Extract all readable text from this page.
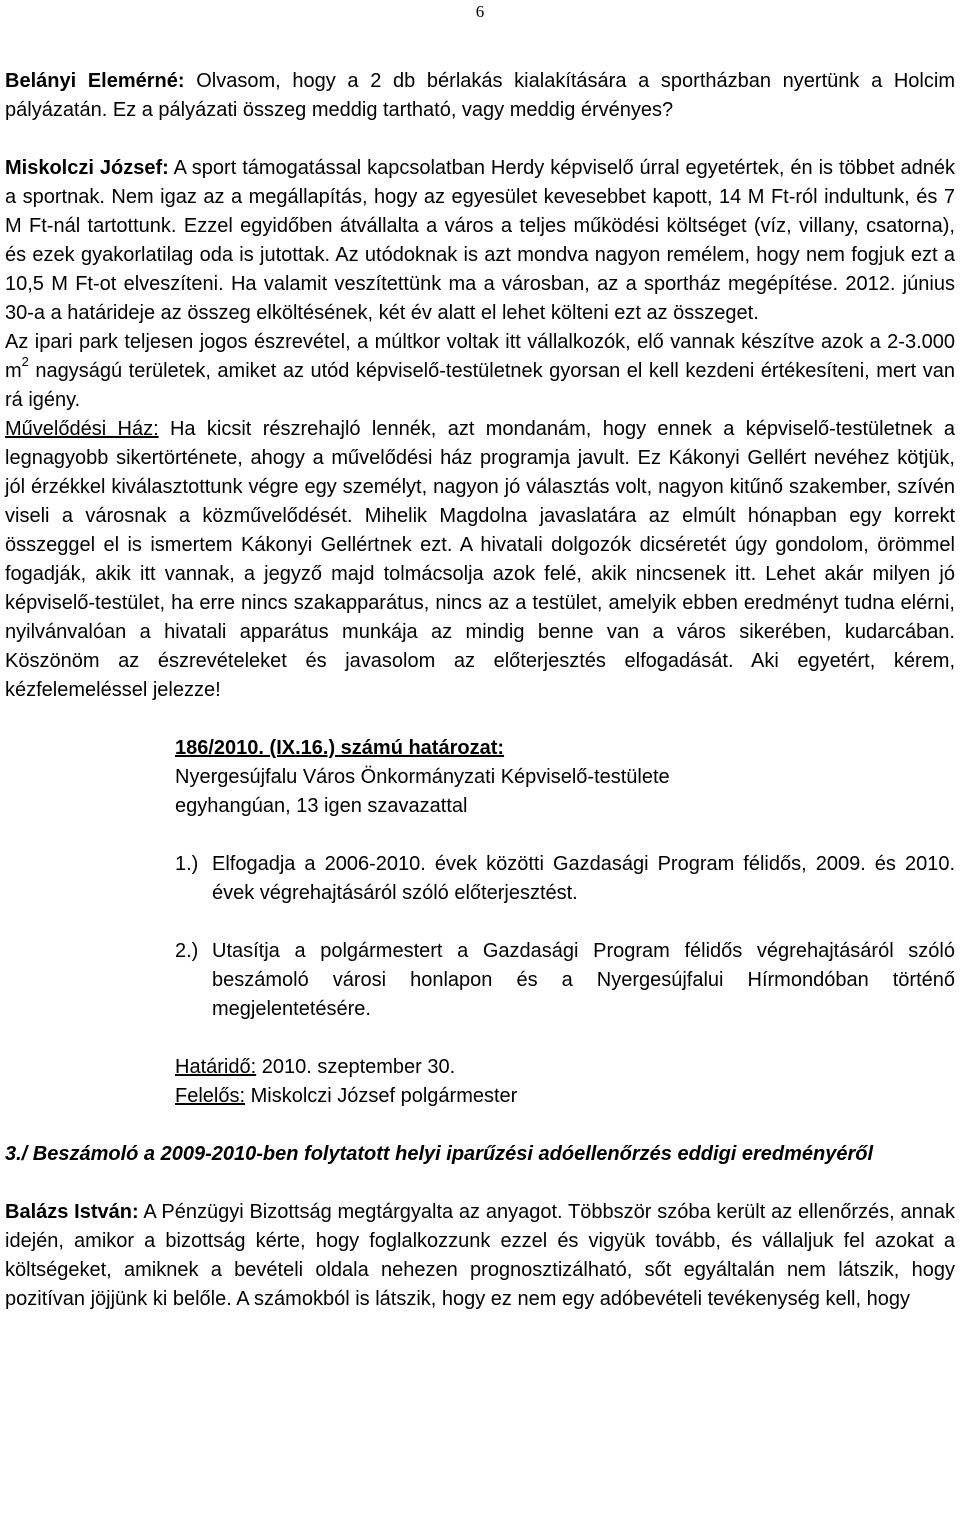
6

Belányi Elemérné: Olvasom, hogy a 2 db bérlakás kialakítására a sportházban nyertünk a Holcim pályázatán. Ez a pályázati összeg meddig tartható, vagy meddig érvényes?

Miskolczi József: A sport támogatással kapcsolatban Herdy képviselő úrral egyetértek, én is többet adnék a sportnak. Nem igaz az a megállapítás, hogy az egyesület kevesebbet kapott, 14 M Ft-ról indultunk, és 7 M Ft-nál tartottunk. Ezzel egyidőben átvállalta a város a teljes működési költséget (víz, villany, csatorna), és ezek gyakorlatilag oda is jutottak. Az utódoknak is azt mondva nagyon remélem, hogy nem fogjuk ezt a 10,5 M Ft-ot elveszíteni. Ha valamit veszítettünk ma a városban, az a sportház megépítése. 2012. június 30-a a határideje az összeg elköltésének, két év alatt el lehet költeni ezt az összeget.

Az ipari park teljesen jogos észrevétel, a múltkor voltak itt vállalkozók, elő vannak készítve azok a 2-3.000 $m^2$ nagyságú területek, amiket az utód képviselő-testületnek gyorsan el kell kezdeni értékesíteni, mert van rá igény.

Művelődési Ház: Ha kicsit részrehajló lennék, azt mondanám, hogy ennek a képviselő-testületnek a legnagyobb sikertörténete, ahogy a művelődési ház programja javult. Ez Kákonyi Gellért nevéhez kötjük, jól érzékkel kiválasztottunk végre egy személyt, nagyon jó választás volt, nagyon kitűnő szakember, szívén viseli a városnak a közművelődését. Mihelik Magdolna javaslatára az elmúlt hónapban egy korrekt összeggel el is ismertem Kákonyi Gellértnek ezt. A hivatali dolgozók dicséretét úgy gondolom, örömmel fogadják, akik itt vannak, a jegyző majd tolmácsolja azok felé, akik nincsenek itt. Lehet akár milyen jó képviselő-testület, ha erre nincs szakapparátus, nincs az a testület, amelyik ebben eredményt tudna elérni, nyilvánvalóan a hivatali apparátus munkája az mindig benne van a város sikerében, kudarcában. Köszönöm az észrevételeket és javasolom az előterjesztés elfogadását. Aki egyetért, kérem, kézfelemeléssel jelezze!

186/2010. (IX.16.) számú határozat:

Nyergesújfalu Város Önkormányzati Képviselő-testülete

egyhangúan, 13 igen szavazattal

1.) Elfogadja a 2006-2010. évek közötti Gazdasági Program félidős, 2009. és 2010. évek végrehajtásáról szóló előterjesztést.
2.) Utasítja a polgármestert a Gazdasági Program félidős végrehajtásáról szóló beszámoló városi honlapon és a Nyergesújfalui Hírmondóban történő megjelentetésére.

Határidő: 2010. szeptember 30.

Felelős: Miskolczi József polgármester

3./ Beszámoló a 2009-2010-ben folytatott helyi iparűzési adóellenőrzés eddigi eredményéről

Balázs István: A Pénzügyi Bizottság megtárgyalta az anyagot. Többször szóba került az ellenőrzés, annak idején, amikor a bizottság kérte, hogy foglalkozzunk ezzel és vigyük tovább, és vállaljuk fel azokat a költségeket, amiknek a bevételi oldala nehezen prognosztizálható, sőt egyáltalán nem látszik, hogy pozitívan jöjjünk ki belőle. A számokból is látszik, hogy ez nem egy adóbevételi tevékenység kell, hogy
